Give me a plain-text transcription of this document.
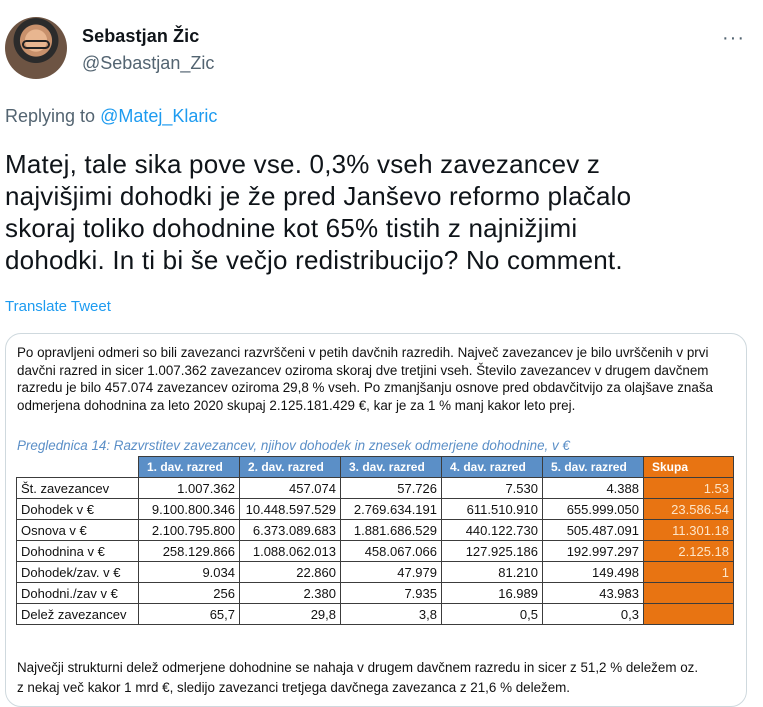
Sebastjan Žic
@Sebastjan_Zic
···
Replying to @Matej_Klaric
Matej, tale sika pove vse. 0,3% vseh zavezancev z
najvišjimi dohodki je že pred Janševo reformo plačalo
skoraj toliko dohodnine kot 65% tistih z najnižjimi
dohodki. In ti bi še večjo redistribucijo? No comment.
Translate Tweet
Po opravljeni odmeri so bili zavezanci razvrščeni v petih davčnih razredih. Največ zavezancev je bilo uvrščenih v prvi
davčni razred in sicer 1.007.362 zavezancev oziroma skoraj dve tretjini vseh. Število zavezancev v drugem davčnem
razredu je bilo 457.074 zavezancev oziroma 29,8 % vseh. Po zmanjšanju osnove pred obdavčitvijo za olajšave znaša
odmerjena dohodnina za leto 2020 skupaj 2.125.181.429 €, kar je za 1 % manj kakor leto prej.
Preglednica 14: Razvrstitev zavezancev, njihov dohodek in znesek odmerjene dohodnine, v €
	1. dav. razred	2. dav. razred	3. dav. razred	4. dav. razred	5. dav. razred	Skupa
Št. zavezancev	1.007.362	457.074	57.726	7.530	4.388	1.53
Dohodek v €	9.100.800.346	10.448.597.529	2.769.634.191	611.510.910	655.999.050	23.586.54
Osnova v €	2.100.795.800	6.373.089.683	1.881.686.529	440.122.730	505.487.091	11.301.18
Dohodnina v €	258.129.866	1.088.062.013	458.067.066	127.925.186	192.997.297	2.125.18
Dohodek/zav. v €	9.034	22.860	47.979	81.210	149.498	1
Dohodni./zav v €	256	2.380	7.935	16.989	43.983	
Delež zavezancev	65,7	29,8	3,8	0,5	0,3	
Največji strukturni delež odmerjene dohodnine se nahaja v drugem davčnem razredu in sicer z 51,2 % deležem oz.
z nekaj več kakor 1 mrd €, sledijo zavezanci tretjega davčnega zavezanca z 21,6 % deležem.
